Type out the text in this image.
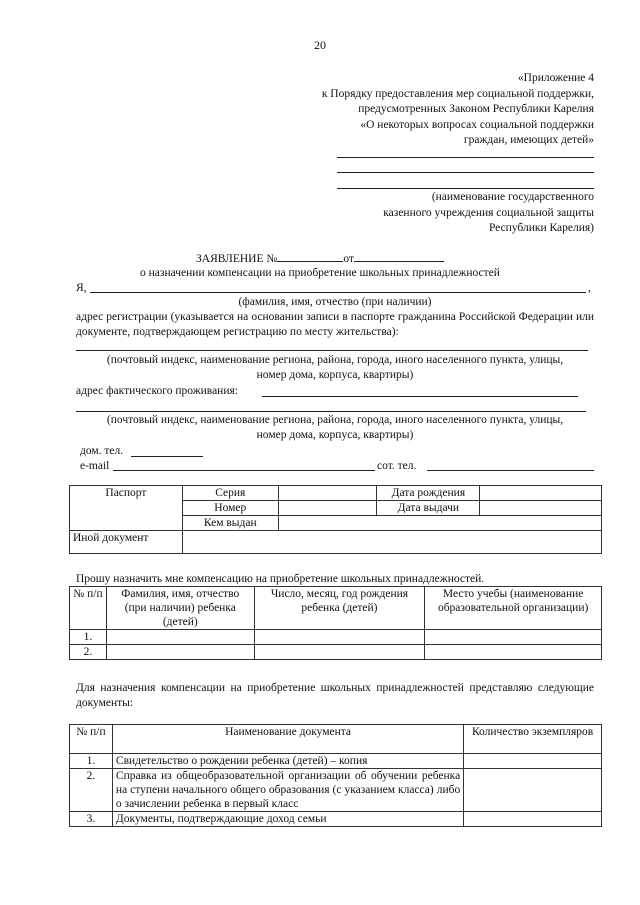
20
«Приложение 4
к Порядку предоставления мер социальной поддержки,
предусмотренных Законом Республики Карелия
«О некоторых вопросах социальной поддержки
граждан, имеющих детей»
(наименование государственного
казенного учреждения социальной защиты
Республики Карелия)
ЗАЯВЛЕНИЕ №	от
о назначении компенсации на приобретение школьных принадлежностей
Я,	,
(фамилия, имя, отчество (при наличии)
адрес регистрации (указывается на основании записи в паспорте гражданина Российской Федерации или документе, подтверждающем регистрацию по месту жительства):
(почтовый индекс, наименование региона, района, города, иного населенного пункта, улицы,
номер дома, корпуса, квартиры)
адрес фактического проживания:
(почтовый индекс, наименование региона, района, города, иного населенного пункта, улицы,
номер дома, корпуса, квартиры)
дом. тел.
e-mail	сот. тел.
Паспорт	Серия		Дата рождения	
	Номер		Дата выдачи	
	Кем выдан			
Иной документ				
Прошу назначить мне компенсацию на приобретение школьных принадлежностей.
№ п/п	Фамилия, имя, отчество (при наличии) ребенка (детей)	Число, месяц, год рождения ребенка (детей)	Место учебы (наименование образовательной организации)
1.			
2.			
Для назначения компенсации на приобретение школьных принадлежностей представляю следующие документы:
№ п/п	Наименование документа	Количество экземпляров
1.	Свидетельство о рождении ребенка (детей) – копия	
2.	Справка из общеобразовательной организации об обучении ребенка на ступени начального общего образования (с указанием класса) либо о зачислении ребенка в первый класс	
3.	Документы, подтверждающие доход семьи	
